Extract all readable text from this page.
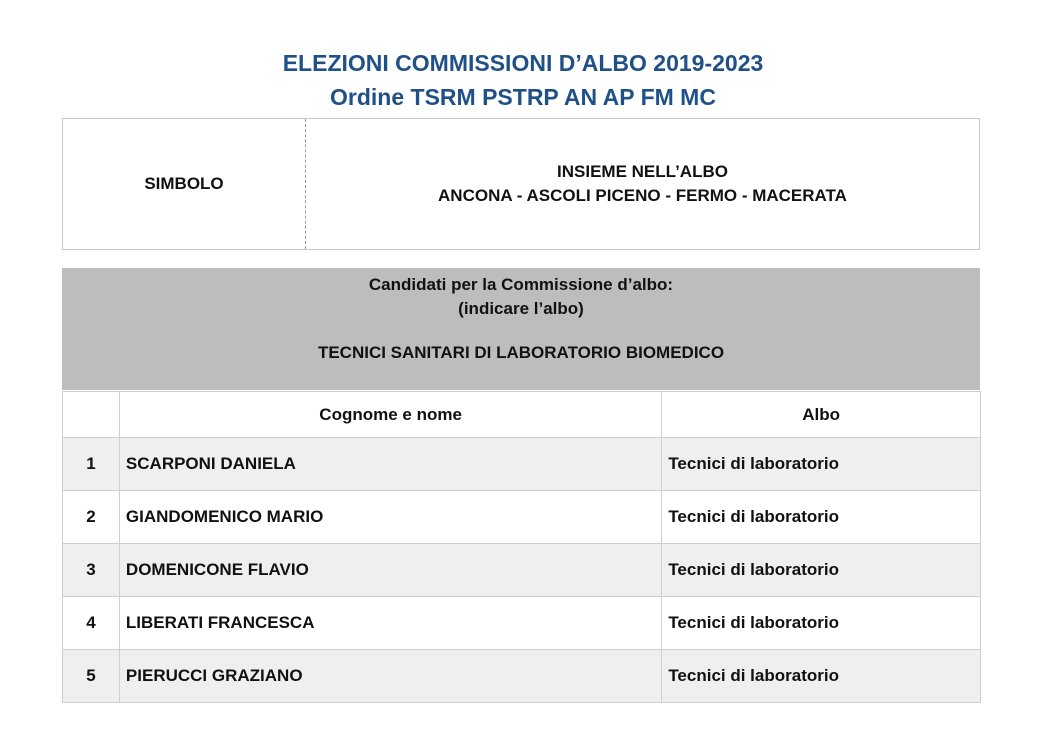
ELEZIONI COMMISSIONI D’ALBO 2019-2023
Ordine TSRM PSTRP AN AP FM MC
SIMBOLO
INSIEME NELL’ALBO
ANCONA - ASCOLI PICENO - FERMO - MACERATA
Candidati per la Commissione d’albo:
(indicare l’albo)
TECNICI SANITARI DI LABORATORIO BIOMEDICO
	Cognome e nome	Albo
1	SCARPONI DANIELA	Tecnici di laboratorio
2	GIANDOMENICO MARIO	Tecnici di laboratorio
3	DOMENICONE FLAVIO	Tecnici di laboratorio
4	LIBERATI FRANCESCA	Tecnici di laboratorio
5	PIERUCCI GRAZIANO	Tecnici di laboratorio
